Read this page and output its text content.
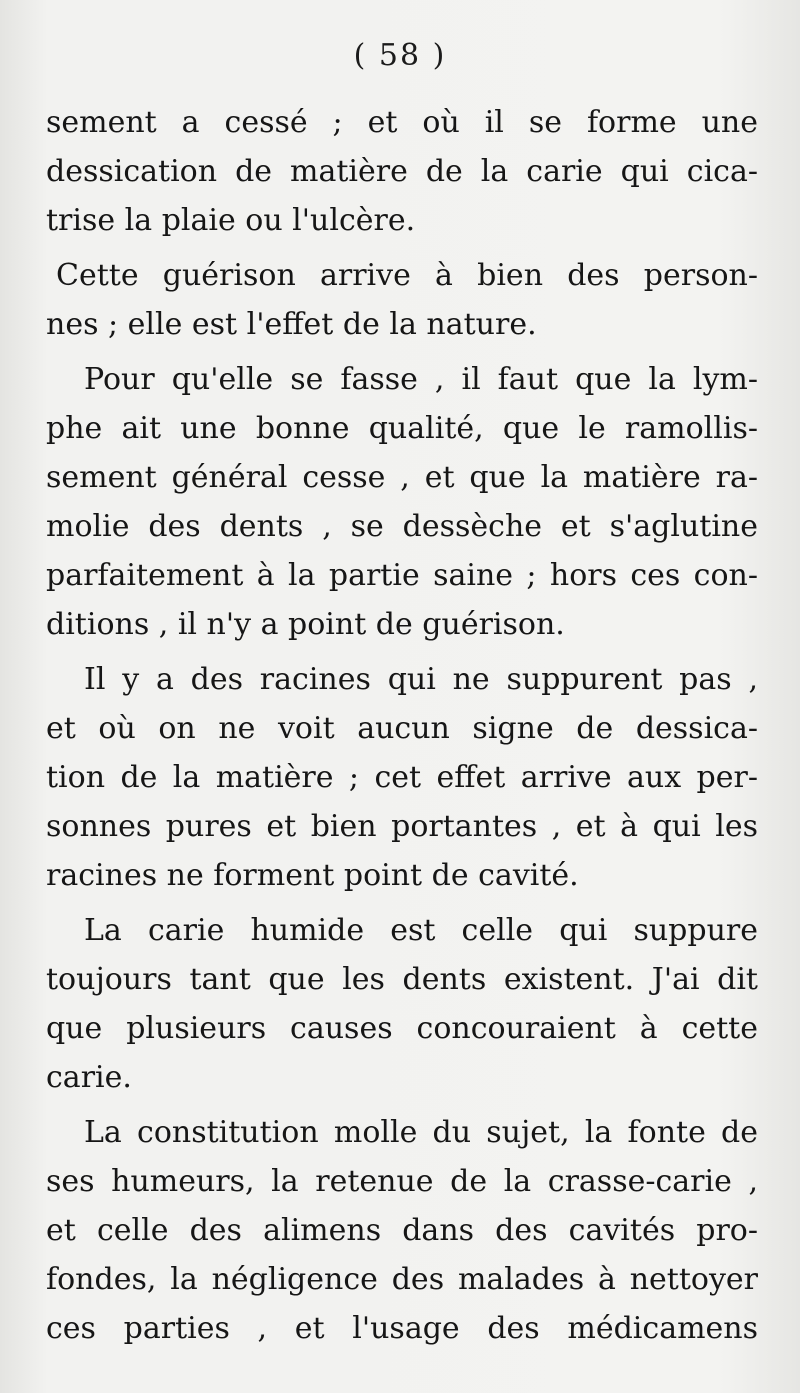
( 58 )
sement a cessé ; et où il se forme une
dessication de matière de la carie qui cica-
trise la plaie ou l'ulcère.
Cette guérison arrive à bien des person-
nes ; elle est l'effet de la nature.
Pour qu'elle se fasse , il faut que la lym-
phe ait une bonne qualité, que le ramollis-
sement général cesse , et que la matière ra-
molie des dents , se dessèche et s'aglutine
parfaitement à la partie saine ; hors ces con-
ditions , il n'y a point de guérison.
Il y a des racines qui ne suppurent pas ,
et où on ne voit aucun signe de dessica-
tion de la matière ; cet effet arrive aux per-
sonnes pures et bien portantes , et à qui les
racines ne forment point de cavité.
La carie humide est celle qui suppure
toujours tant que les dents existent. J'ai dit
que plusieurs causes concouraient à cette
carie.
La constitution molle du sujet, la fonte de
ses humeurs, la retenue de la crasse-carie ,
et celle des alimens dans des cavités pro-
fondes, la négligence des malades à nettoyer
ces parties , et l'usage des médicamens
